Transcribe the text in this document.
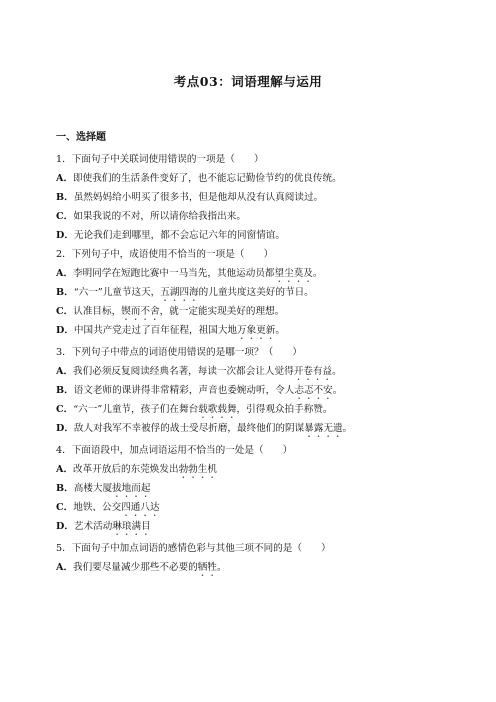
考点03：词语理解与运用
一、选择题
1．下面句子中关联词使用错误的一项是（　　）
A．即使我们的生活条件变好了，也不能忘记勤俭节约的优良传统。
B．虽然妈妈给小明买了很多书，但是他却从没有认真阅读过。
C．如果我说的不对，所以请你给我指出来。
D．无论我们走到哪里，都不会忘记六年的同窗情谊。
2．下列句子中，成语使用不恰当的一项是（　　）
A．李明同学在短跑比赛中一马当先，其他运动员都望尘莫及。
B．“六一”儿童节这天，五湖四海的儿童共度这美好的节日。
C．认准目标，锲而不舍，就一定能实现美好的理想。
D．中国共产党走过了百年征程，祖国大地万象更新。
3．下列句子中带点的词语使用错误的是哪一项？（　　）
A．我们必须反复阅读经典名著，每读一次都会让人觉得开卷有益。
B．语文老师的课讲得非常精彩，声音也委婉动听，令人忐忑不安。
C．“六一”儿童节，孩子们在舞台载歌载舞，引得观众拍手称赞。
D．敌人对我军不幸被俘的战士受尽折磨，最终他们的阴谋暴露无遗。
4．下面语段中，加点词语运用不恰当的一处是（　　）
A．改革开放后的东莞焕发出勃勃生机
B．高楼大厦拔地而起
C．地铁、公交四通八达
D．艺术活动琳琅满目
5．下面句子中加点词语的感情色彩与其他三项不同的是（　　）
A．我们要尽量减少那些不必要的牺牲。
